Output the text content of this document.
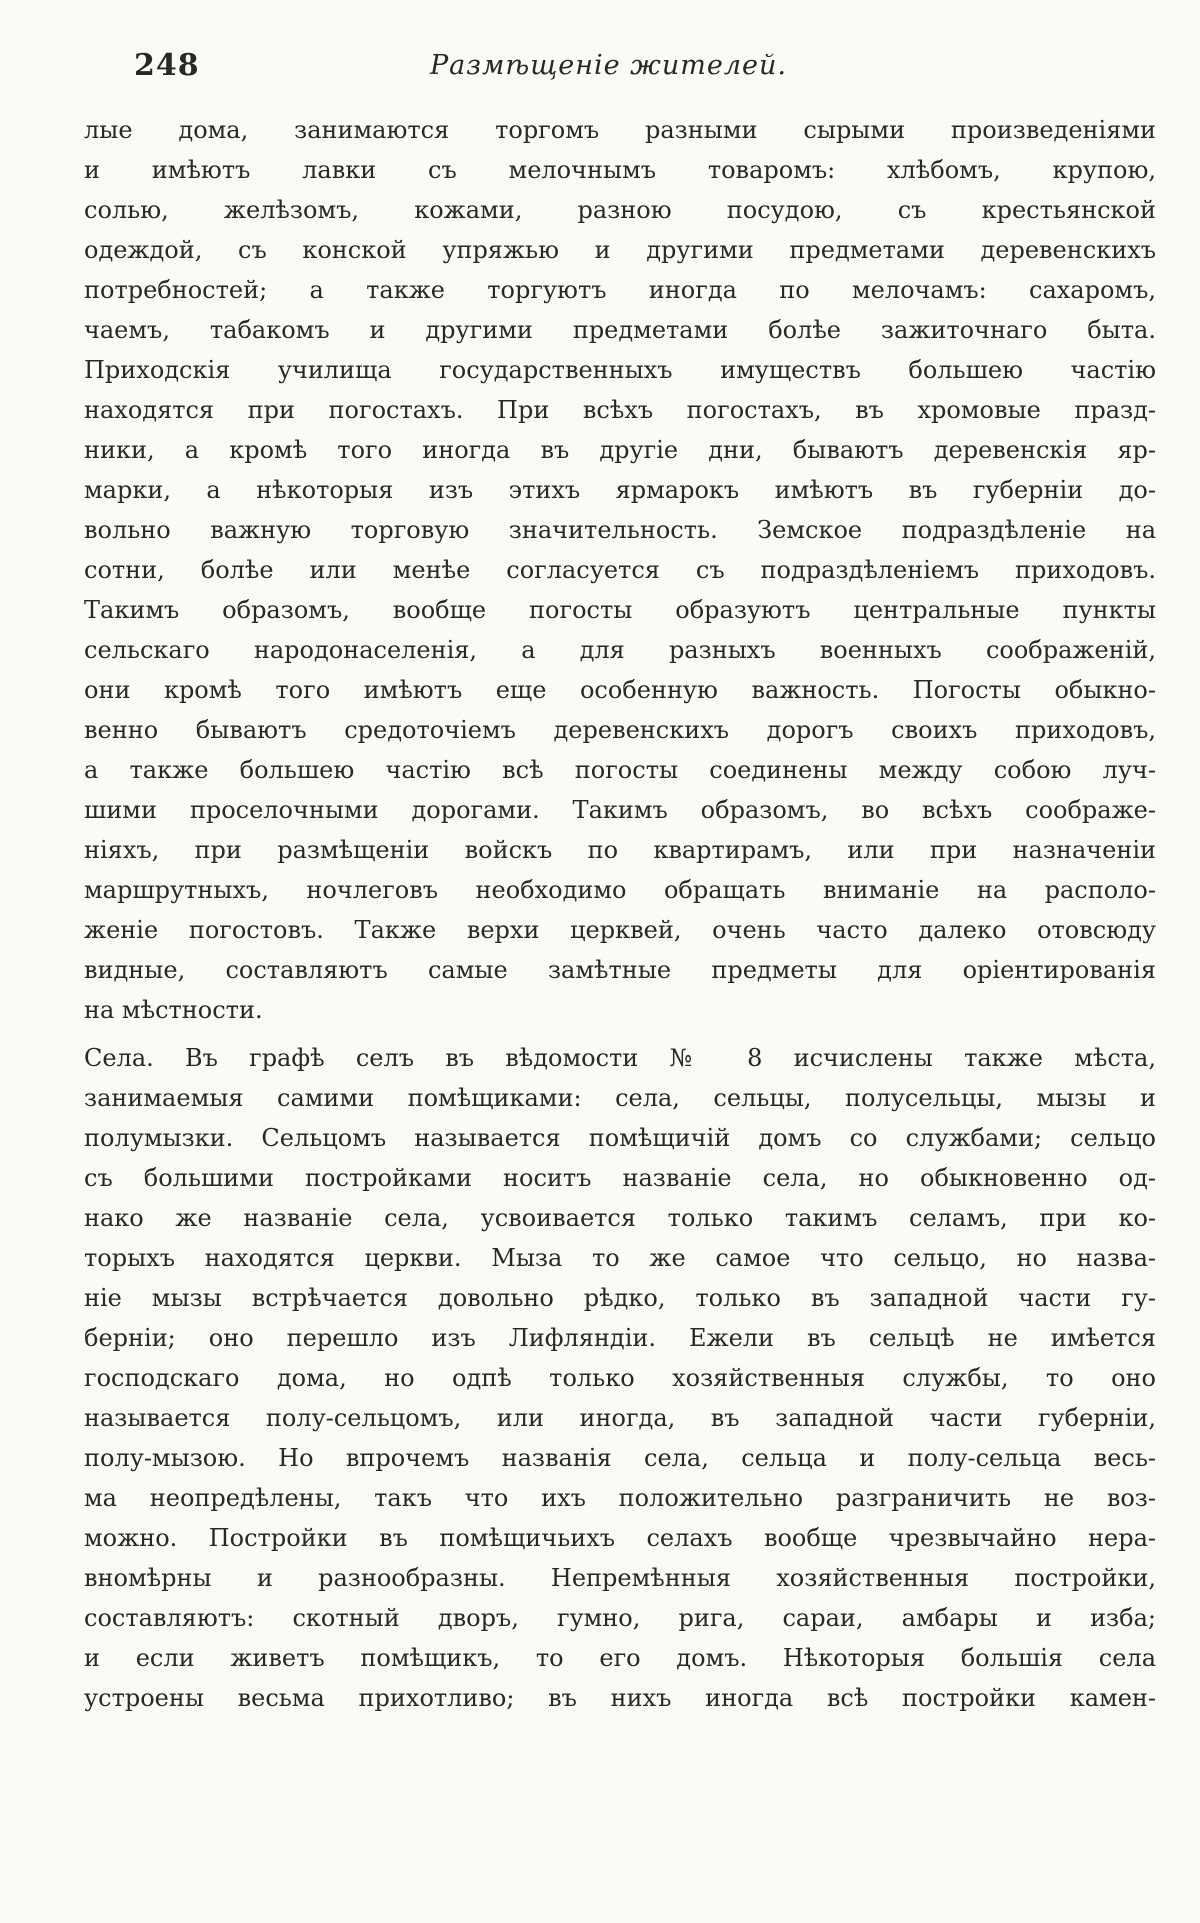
248	Размѣщеніе жителей.
лые дома, занимаются торгомъ разными сырыми произведеніями
и имѣютъ лавки съ мелочнымъ товаромъ: хлѣбомъ, крупою,
солью, желѣзомъ, кожами, разною посудою, съ крестьянской
одеждой, съ конской упряжью и другими предметами деревенскихъ
потребностей; а также торгуютъ иногда по мелочамъ: сахаромъ,
чаемъ, табакомъ и другими предметами болѣе зажиточнаго быта.
Приходскія училища государственныхъ имуществъ большею частію
находятся при погостахъ. При всѣхъ погостахъ, въ хромовые празд-
ники, а кромѣ того иногда въ другіе дни, бываютъ деревенскія яр-
марки, а нѣкоторыя изъ этихъ ярмарокъ имѣютъ въ губерніи до-
вольно важную торговую значительность. Земское подраздѣленіе на
сотни, болѣе или менѣе согласуется съ подраздѣленіемъ приходовъ.
Такимъ образомъ, вообще погосты образуютъ центральные пункты
сельскаго народонаселенія, а для разныхъ военныхъ соображеній,
они кромѣ того имѣютъ еще особенную важность. Погосты обыкно-
венно бываютъ средоточіемъ деревенскихъ дорогъ своихъ приходовъ,
а также большею частію всѣ погосты соединены между собою луч-
шими проселочными дорогами. Такимъ образомъ, во всѣхъ соображе-
ніяхъ, при размѣщеніи войскъ по квартирамъ, или при назначеніи
маршрутныхъ, ночлеговъ необходимо обращать вниманіе на располо-
женіе погостовъ. Также верхи церквей, очень часто далеко отовсюду
видные, составляютъ самые замѣтные предметы для оріентированія
на мѣстности.
Села. Въ графѣ селъ въ вѣдомости № 8 исчислены также мѣста,
занимаемыя самими помѣщиками: села, сельцы, полусельцы, мызы и
полумызки. Сельцомъ называется помѣщичій домъ со службами; сельцо
съ большими постройками носитъ названіе села, но обыкновенно од-
нако же названіе села, усвоивается только такимъ селамъ, при ко-
торыхъ находятся церкви. Мыза то же самое что сельцо, но назва-
ніе мызы встрѣчается довольно рѣдко, только въ западной части гу-
берніи; оно перешло изъ Лифляндіи. Ежели въ сельцѣ не имѣется
господскаго дома, но одпѣ только хозяйственныя службы, то оно
называется полу-сельцомъ, или иногда, въ западной части губерніи,
полу-мызою. Но впрочемъ названія села, сельца и полу-сельца весь-
ма неопредѣлены, такъ что ихъ положительно разграничить не воз-
можно. Постройки въ помѣщичьихъ селахъ вообще чрезвычайно нера-
вномѣрны и разнообразны. Непремѣнныя хозяйственныя постройки,
составляютъ: скотный дворъ, гумно, рига, сараи, амбары и изба;
и если живетъ помѣщикъ, то его домъ. Нѣкоторыя большія села
устроены весьма прихотливо; въ нихъ иногда всѣ постройки камен-
